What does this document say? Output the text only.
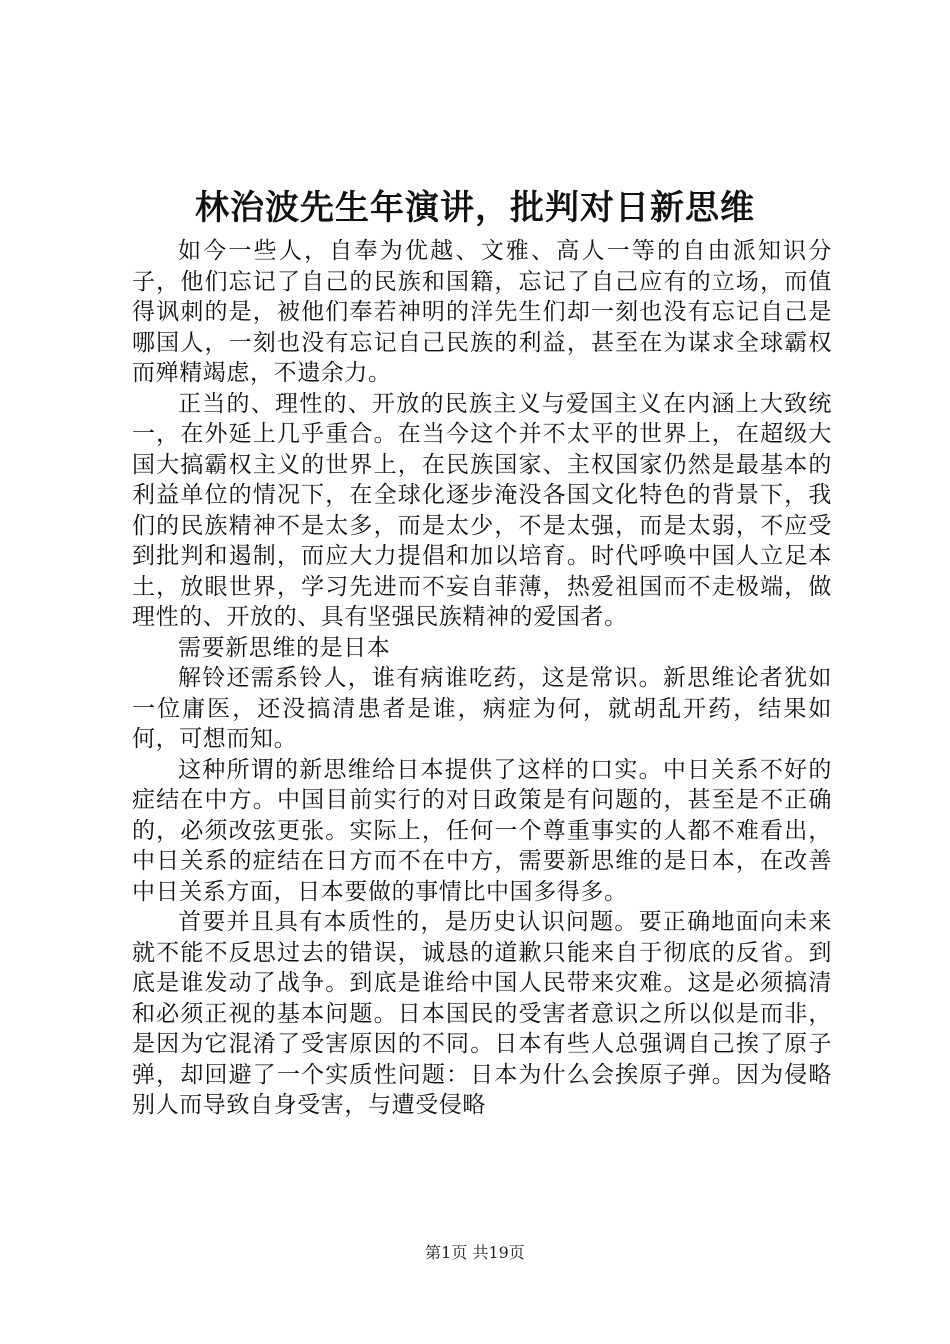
林治波先生年演讲，批判对日新思维

如今一些人，自奉为优越、文雅、高人一等的自由派知识分子，他们忘记了自己的民族和国籍，忘记了自己应有的立场，而值得讽刺的是，被他们奉若神明的洋先生们却一刻也没有忘记自己是哪国人，一刻也没有忘记自己民族的利益，甚至在为谋求全球霸权而殚精竭虑，不遗余力。

正当的、理性的、开放的民族主义与爱国主义在内涵上大致统一，在外延上几乎重合。在当今这个并不太平的世界上，在超级大国大搞霸权主义的世界上，在民族国家、主权国家仍然是最基本的利益单位的情况下，在全球化逐步淹没各国文化特色的背景下，我们的民族精神不是太多，而是太少，不是太强，而是太弱，不应受到批判和遏制，而应大力提倡和加以培育。时代呼唤中国人立足本土，放眼世界，学习先进而不妄自菲薄，热爱祖国而不走极端，做理性的、开放的、具有坚强民族精神的爱国者。

需要新思维的是日本

解铃还需系铃人，谁有病谁吃药，这是常识。新思维论者犹如一位庸医，还没搞清患者是谁，病症为何，就胡乱开药，结果如何，可想而知。

这种所谓的新思维给日本提供了这样的口实。中日关系不好的症结在中方。中国目前实行的对日政策是有问题的，甚至是不正确的，必须改弦更张。实际上，任何一个尊重事实的人都不难看出，中日关系的症结在日方而不在中方，需要新思维的是日本，在改善中日关系方面，日本要做的事情比中国多得多。

首要并且具有本质性的，是历史认识问题。要正确地面向未来就不能不反思过去的错误，诚恳的道歉只能来自于彻底的反省。到底是谁发动了战争。到底是谁给中国人民带来灾难。这是必须搞清和必须正视的基本问题。日本国民的受害者意识之所以似是而非，是因为它混淆了受害原因的不同。日本有些人总强调自己挨了原子弹，却回避了一个实质性问题：日本为什么会挨原子弹。因为侵略别人而导致自身受害，与遭受侵略

第1页 共19页
